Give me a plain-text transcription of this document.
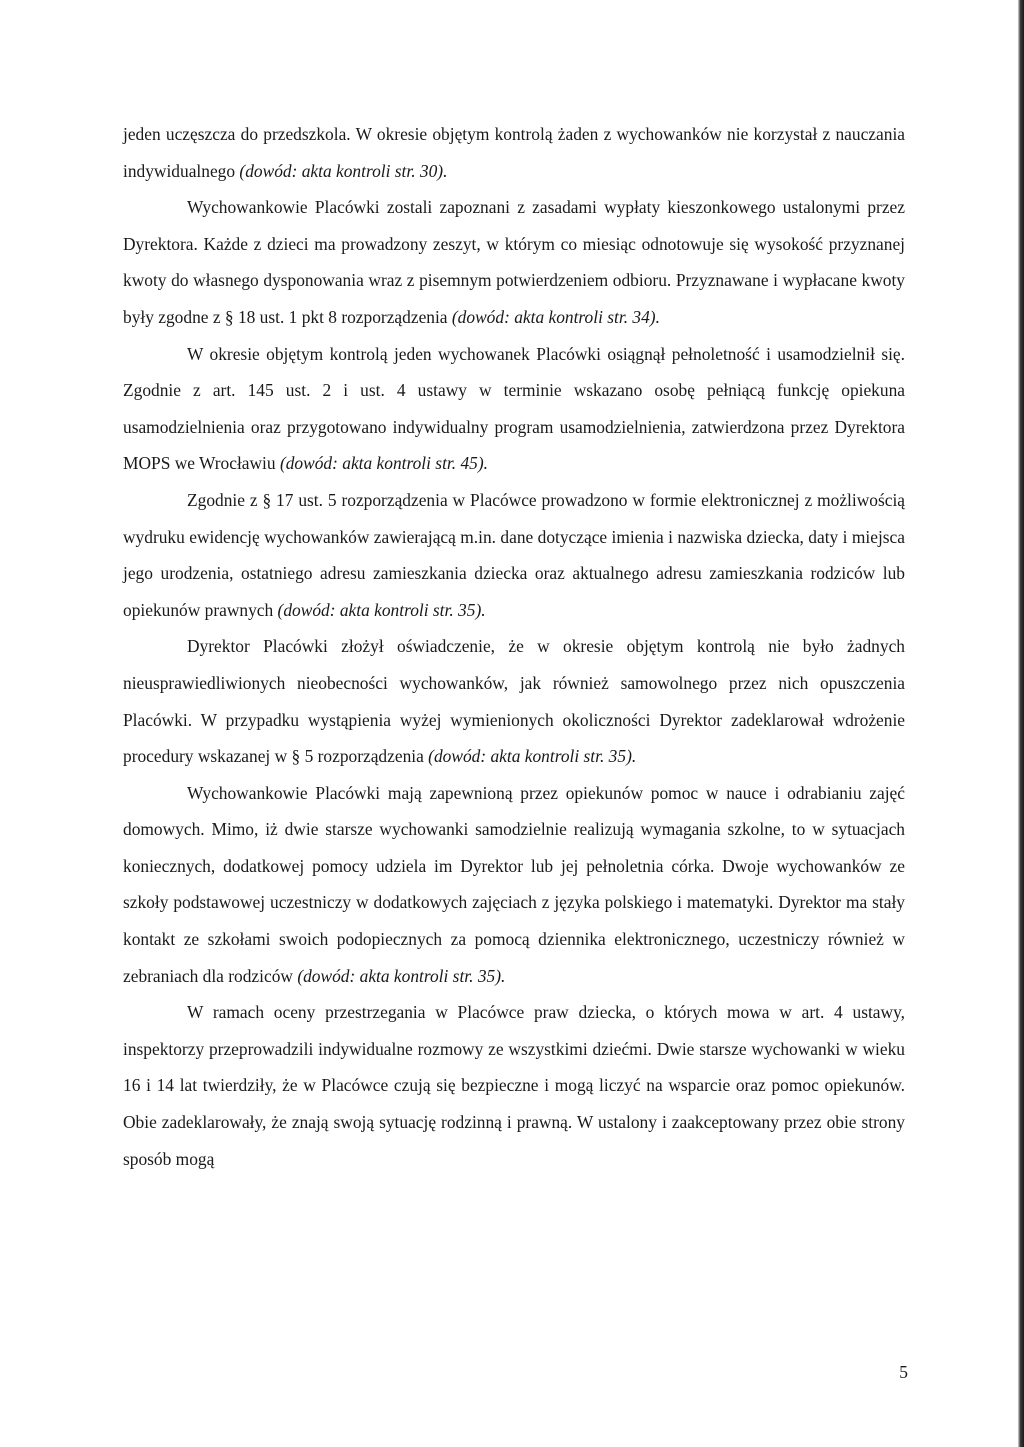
jeden uczęszcza do przedszkola. W okresie objętym kontrolą żaden z wychowanków nie korzystał z nauczania indywidualnego (dowód: akta kontroli str. 30).

Wychowankowie Placówki zostali zapoznani z zasadami wypłaty kieszonkowego ustalonymi przez Dyrektora. Każde z dzieci ma prowadzony zeszyt, w którym co miesiąc odnotowuje się wysokość przyznanej kwoty do własnego dysponowania wraz z pisemnym potwierdzeniem odbioru. Przyznawane i wypłacane kwoty były zgodne z § 18 ust. 1 pkt 8 rozporządzenia (dowód: akta kontroli str. 34).

W okresie objętym kontrolą jeden wychowanek Placówki osiągnął pełnoletność i usamodzielnił się. Zgodnie z art. 145 ust. 2 i ust. 4 ustawy w terminie wskazano osobę pełniącą funkcję opiekuna usamodzielnienia oraz przygotowano indywidualny program usamodzielnienia, zatwierdzona przez Dyrektora MOPS we Wrocławiu (dowód: akta kontroli str. 45).

Zgodnie z § 17 ust. 5 rozporządzenia w Placówce prowadzono w formie elektronicznej z możliwością wydruku ewidencję wychowanków zawierającą m.in. dane dotyczące imienia i nazwiska dziecka, daty i miejsca jego urodzenia, ostatniego adresu zamieszkania dziecka oraz aktualnego adresu zamieszkania rodziców lub opiekunów prawnych (dowód: akta kontroli str. 35).

Dyrektor Placówki złożył oświadczenie, że w okresie objętym kontrolą nie było żadnych nieusprawiedliwionych nieobecności wychowanków, jak również samowolnego przez nich opuszczenia Placówki. W przypadku wystąpienia wyżej wymienionych okoliczności Dyrektor zadeklarował wdrożenie procedury wskazanej w § 5 rozporządzenia (dowód: akta kontroli str. 35).

Wychowankowie Placówki mają zapewnioną przez opiekunów pomoc w nauce i odrabianiu zajęć domowych. Mimo, iż dwie starsze wychowanki samodzielnie realizują wymagania szkolne, to w sytuacjach koniecznych, dodatkowej pomocy udziela im Dyrektor lub jej pełnoletnia córka. Dwoje wychowanków ze szkoły podstawowej uczestniczy w dodatkowych zajęciach z języka polskiego i matematyki. Dyrektor ma stały kontakt ze szkołami swoich podopiecznych za pomocą dziennika elektronicznego, uczestniczy również w zebraniach dla rodziców (dowód: akta kontroli str. 35).

W ramach oceny przestrzegania w Placówce praw dziecka, o których mowa w art. 4 ustawy, inspektorzy przeprowadzili indywidualne rozmowy ze wszystkimi dziećmi. Dwie starsze wychowanki w wieku 16 i 14 lat twierdziły, że w Placówce czują się bezpieczne i mogą liczyć na wsparcie oraz pomoc opiekunów. Obie zadeklarowały, że znają swoją sytuację rodzinną i prawną. W ustalony i zaakceptowany przez obie strony sposób mogą

5
